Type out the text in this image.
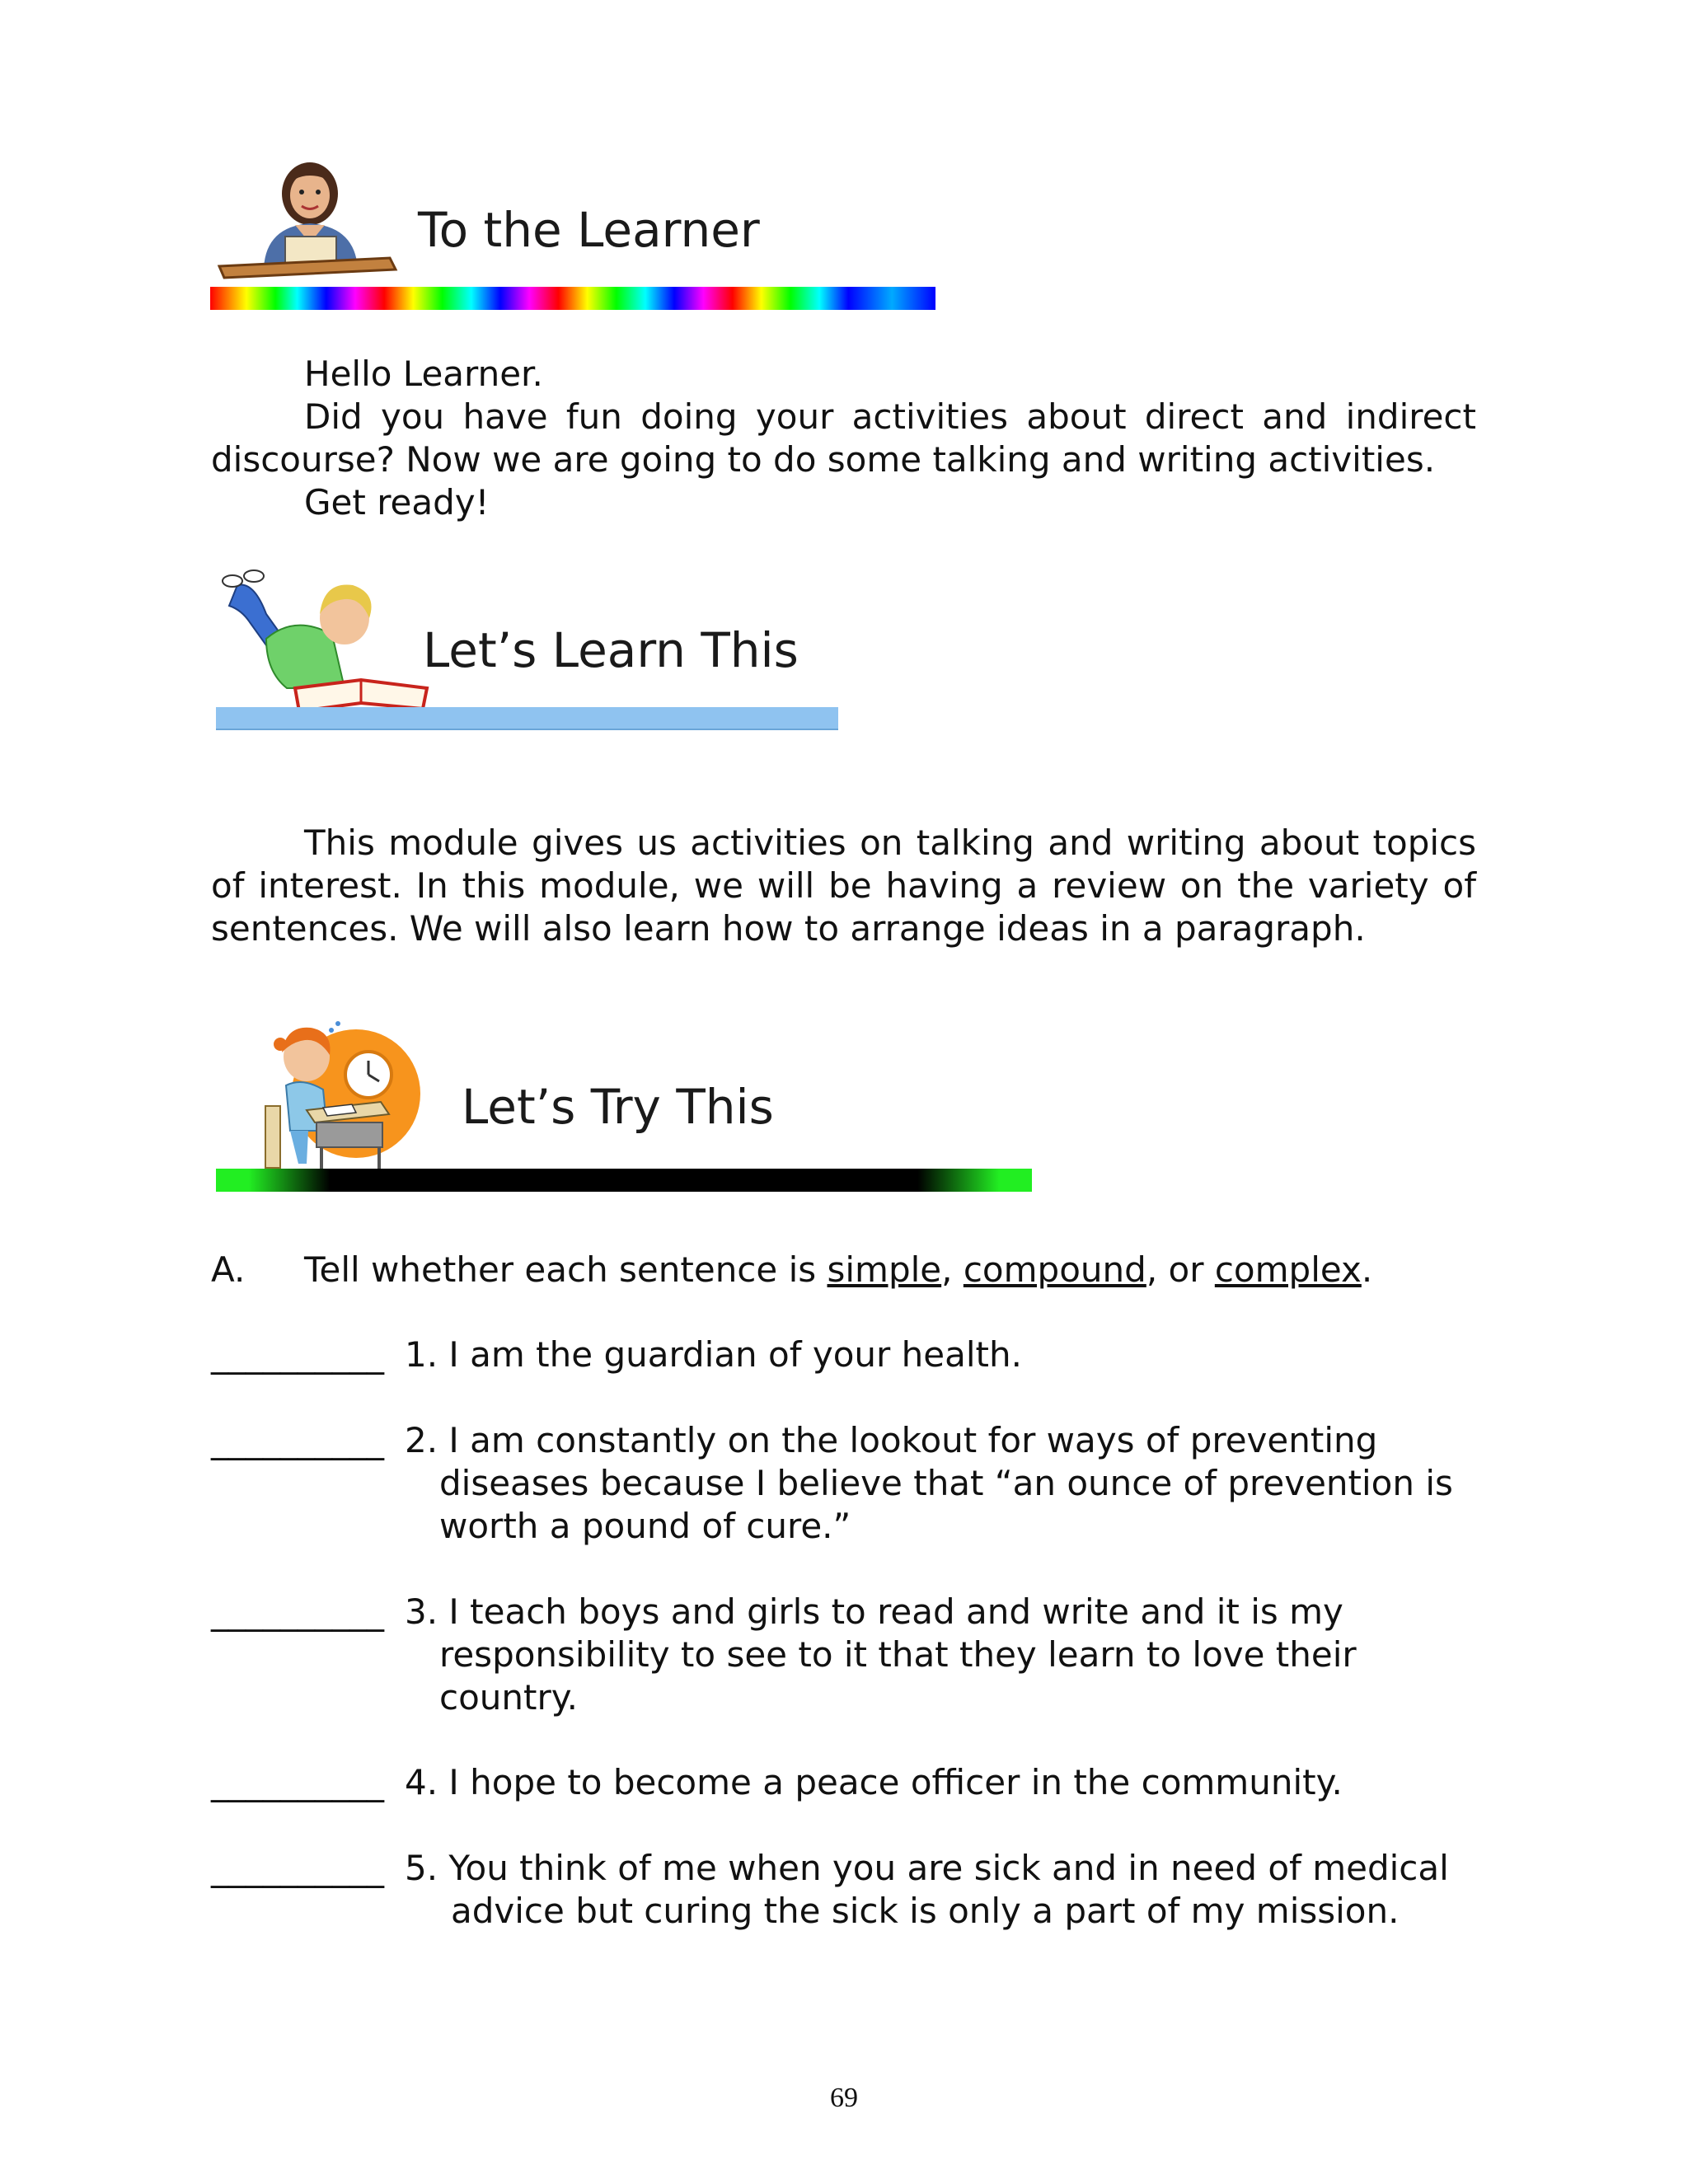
To the Learner

Hello Learner.

Did you have fun doing your activities about direct and indirect discourse? Now we are going to do some talking and writing activities.

Get ready!

Let’s Learn This

This module gives us activities on talking and writing about topics of interest. In this module, we will be having a review on the variety of sentences. We will also learn how to arrange ideas in a paragraph.

Let’s Try This
A. Tell whether each sentence is simple, compound, or complex.
__________ 1. I am the guardian of your health.
__________ 2. I am constantly on the lookout for ways of preventing
diseases because I believe that “an ounce of prevention is
worth a pound of cure.”
__________ 3. I teach boys and girls to read and write and it is my
responsibility to see to it that they learn to love their
country.
__________ 4. I hope to become a peace officer in the community.
__________ 5. You think of me when you are sick and in need of medical
advice but curing the sick is only a part of my mission.
69
